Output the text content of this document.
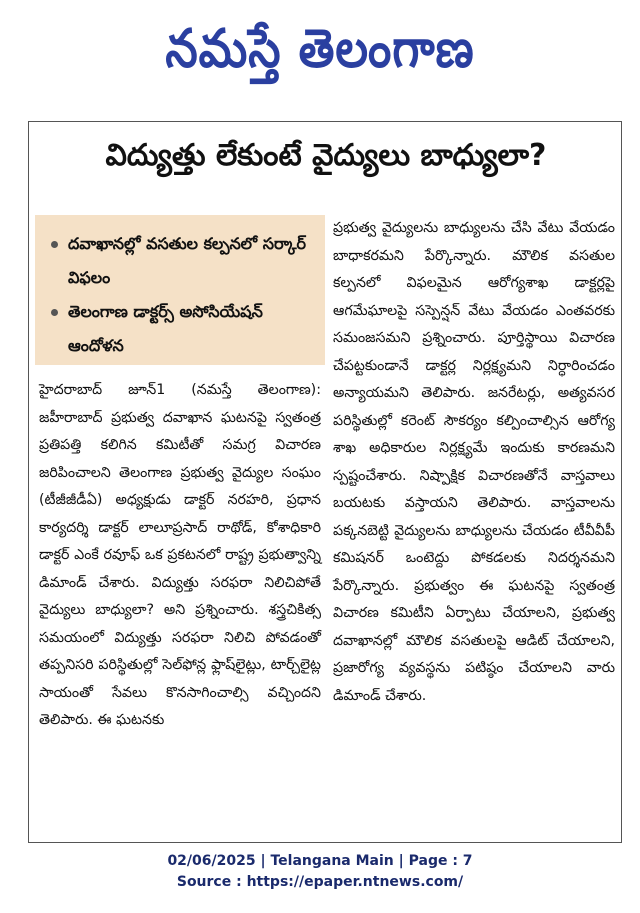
నమస్తే తెలంగాణ
విద్యుత్తు లేకుంటే వైద్యులు బాధ్యులా?
దవాఖానల్లో వసతుల కల్పనలో సర్కార్ విఫలం
తెలంగాణ డాక్టర్స్ అసోసియేషన్ ఆందోళన

హైదరాబాద్ జూన్1 (నమస్తే తెలంగాణ): జహీరాబాద్ ప్రభుత్వ దవాఖాన ఘటనపై స్వతంత్ర ప్రతిపత్తి కలిగిన కమిటీతో సమగ్ర విచారణ జరిపించాలని తెలంగాణ ప్రభుత్వ వైద్యుల సంఘం (టీజీజీడీఏ) అధ్యక్షుడు డాక్టర్ నరహరి, ప్రధాన కార్యదర్శి డాక్టర్ లాలూప్రసాద్ రాథోడ్, కోశాధికారి డాక్టర్ ఎంకే రవూఫ్ ఒక ప్రకటనలో రాష్ట్ర ప్రభుత్వాన్ని డిమాండ్ చేశారు. విద్యుత్తు సరఫరా నిలిచిపోతే వైద్యులు బాధ్యులా? అని ప్రశ్నించారు. శస్త్రచికిత్స సమయంలో విద్యుత్తు సరఫరా నిలిచి పోవడంతో తప్పనిసరి పరిస్థితుల్లో సెల్‌ఫోన్ల ఫ్లాష్‌లైట్లు, టార్చ్‌లైట్ల సాయంతో సేవలు కొనసాగించాల్సి వచ్చిందని తెలిపారు. ఈ ఘటనకు

ప్రభుత్వ వైద్యులను బాధ్యులను చేసి వేటు వేయడం బాధాకరమని పేర్కొన్నారు. మౌలిక వసతుల కల్పనలో విఫలమైన ఆరోగ్యశాఖ డాక్టర్లపై ఆగమేఘాలపై సస్పెన్షన్ వేటు వేయడం ఎంతవరకు సమంజసమని ప్రశ్నించారు. పూర్తిస్థాయి విచారణ చేపట్టకుండానే డాక్టర్ల నిర్లక్ష్యమని నిర్ధారించడం అన్యాయమని తెలిపారు. జనరేటర్లు, అత్యవసర పరిస్థితుల్లో కరెంట్ సౌకర్యం కల్పించాల్సిన ఆరోగ్య శాఖ అధికారుల నిర్లక్ష్యమే ఇందుకు కారణమని స్పష్టంచేశారు. నిష్పాక్షిక విచారణతోనే వాస్తవాలు బయటకు వస్తాయని తెలిపారు. వాస్తవాలను పక్కనబెట్టి వైద్యులను బాధ్యులను చేయడం టీవీవీపీ కమిషనర్ ఒంటెద్దు పోకడలకు నిదర్శనమని పేర్కొన్నారు. ప్రభుత్వం ఈ ఘటనపై స్వతంత్ర విచారణ కమిటీని ఏర్పాటు చేయాలని, ప్రభుత్వ దవాఖానల్లో మౌలిక వసతులపై ఆడిట్ చేయాలని, ప్రజారోగ్య వ్యవస్థను పటిష్ఠం చేయాలని వారు డిమాండ్ చేశారు.

02/06/2025 | Telangana Main | Page : 7
Source : https://epaper.ntnews.com/
